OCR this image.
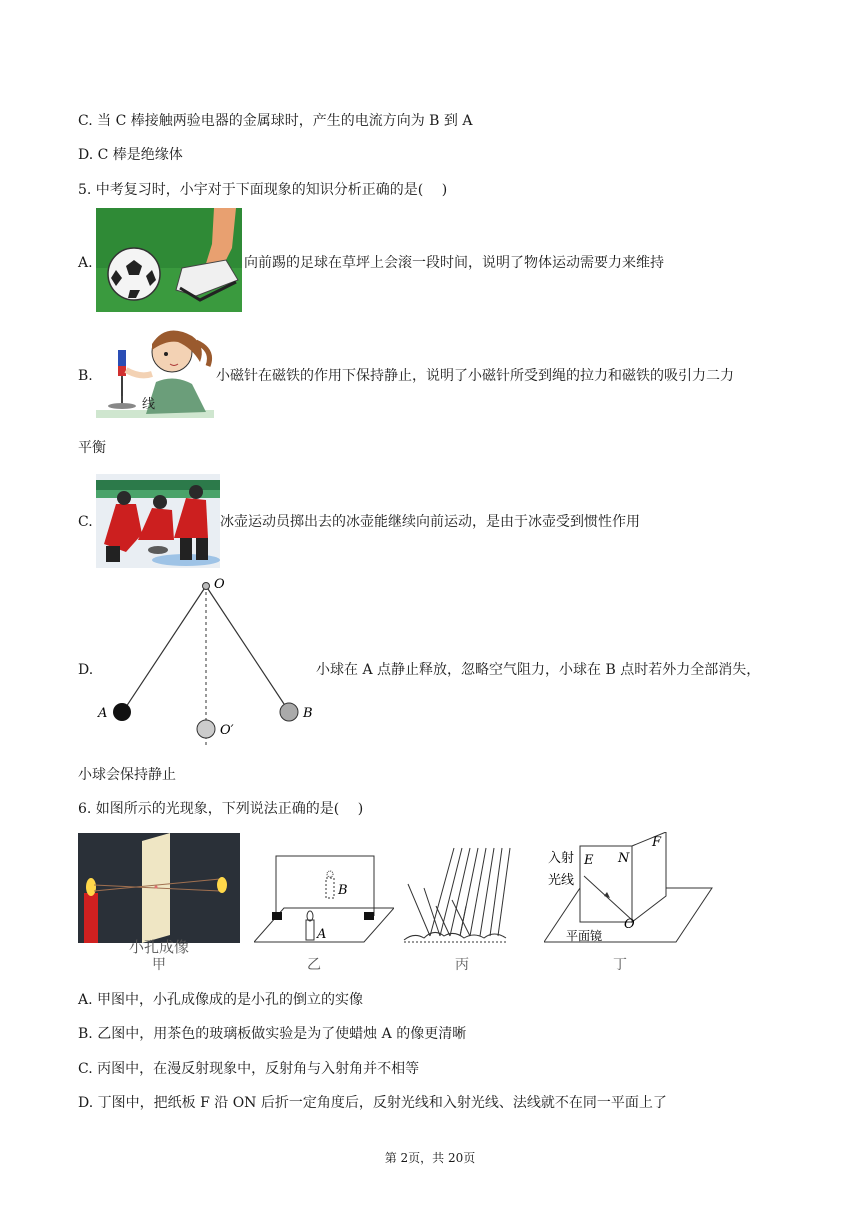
C. 当 C 棒接触两验电器的金属球时，产生的电流方向为 B 到 A
D. C 棒是绝缘体
5. 中考复习时，小宇对于下面现象的知识分析正确的是(　 )
A.	向前踢的足球在草坪上会滚一段时间，说明了物体运动需要力来维持
B.
线
小磁针在磁铁的作用下保持静止，说明了小磁针所受到绳的拉力和磁铁的吸引力二力
平衡
C.	冰壶运动员掷出去的冰壶能继续向前运动，是由于冰壶受到惯性作用
D.
O
A	B
O′
小球在 A 点静止释放，忽略空气阻力，小球在 B 点时若外力全部消失，
小球会保持静止
6. 如图所示的光现象，下列说法正确的是(　 )
小孔成像
甲
A
B
乙	丙
入射
光线
E N
F
O
平面镜
丁
A. 甲图中，小孔成像成的是小孔的倒立的实像
B. 乙图中，用茶色的玻璃板做实验是为了使蜡烛 A 的像更清晰
C. 丙图中，在漫反射现象中，反射角与入射角并不相等
D. 丁图中，把纸板 F 沿 ON 后折一定角度后，反射光线和入射光线、法线就不在同一平面上了
第 2页，共 20页
